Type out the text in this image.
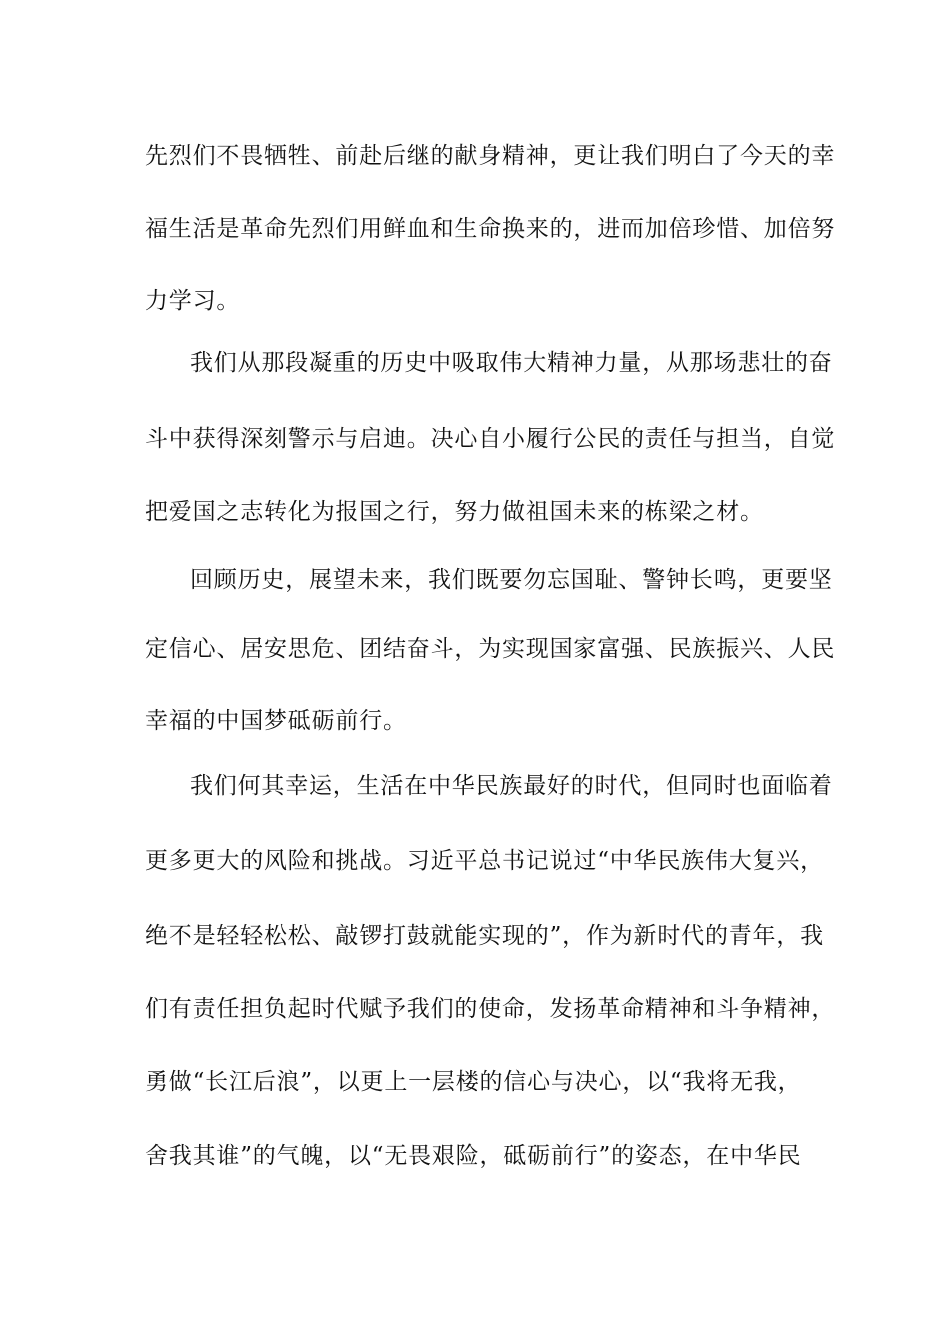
先烈们不畏牺牲、前赴后继的献身精神，更让我们明白了今天的幸
福生活是革命先烈们用鲜血和生命换来的，进而加倍珍惜、加倍努
力学习。
我们从那段凝重的历史中吸取伟大精神力量，从那场悲壮的奋
斗中获得深刻警示与启迪。决心自小履行公民的责任与担当，自觉
把爱国之志转化为报国之行，努力做祖国未来的栋梁之材。
回顾历史，展望未来，我们既要勿忘国耻、警钟长鸣，更要坚
定信心、居安思危、团结奋斗，为实现国家富强、民族振兴、人民
幸福的中国梦砥砺前行。
我们何其幸运，生活在中华民族最好的时代，但同时也面临着
更多更大的风险和挑战。习近平总书记说过“中华民族伟大复兴，
绝不是轻轻松松、敲锣打鼓就能实现的”，作为新时代的青年，我
们有责任担负起时代赋予我们的使命，发扬革命精神和斗争精神，
勇做“长江后浪”，以更上一层楼的信心与决心，以“我将无我，
舍我其谁”的气魄，以“无畏艰险，砥砺前行”的姿态，在中华民
